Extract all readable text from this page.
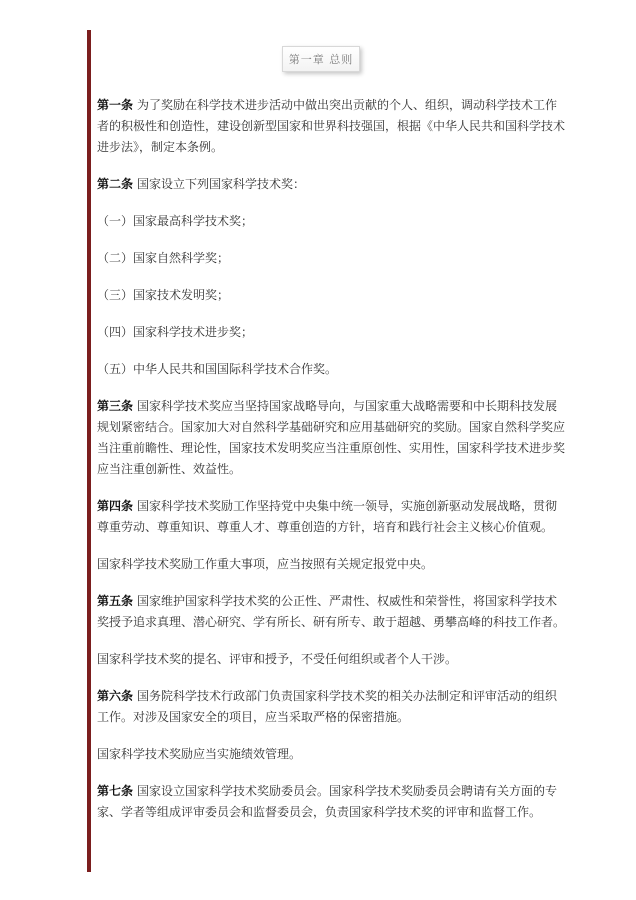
第一章 总则

第一条 为了奖励在科学技术进步活动中做出突出贡献的个人、组织，调动科学技术工作者的积极性和创造性，建设创新型国家和世界科技强国，根据《中华人民共和国科学技术进步法》，制定本条例。

第二条 国家设立下列国家科学技术奖：

（一）国家最高科学技术奖；

（二）国家自然科学奖；

（三）国家技术发明奖；

（四）国家科学技术进步奖；

（五）中华人民共和国国际科学技术合作奖。

第三条 国家科学技术奖应当坚持国家战略导向，与国家重大战略需要和中长期科技发展规划紧密结合。国家加大对自然科学基础研究和应用基础研究的奖励。国家自然科学奖应当注重前瞻性、理论性，国家技术发明奖应当注重原创性、实用性，国家科学技术进步奖应当注重创新性、效益性。

第四条 国家科学技术奖励工作坚持党中央集中统一领导，实施创新驱动发展战略，贯彻尊重劳动、尊重知识、尊重人才、尊重创造的方针，培育和践行社会主义核心价值观。

国家科学技术奖励工作重大事项，应当按照有关规定报党中央。

第五条 国家维护国家科学技术奖的公正性、严肃性、权威性和荣誉性，将国家科学技术奖授予追求真理、潜心研究、学有所长、研有所专、敢于超越、勇攀高峰的科技工作者。

国家科学技术奖的提名、评审和授予，不受任何组织或者个人干涉。

第六条 国务院科学技术行政部门负责国家科学技术奖的相关办法制定和评审活动的组织工作。对涉及国家安全的项目，应当采取严格的保密措施。

国家科学技术奖励应当实施绩效管理。

第七条 国家设立国家科学技术奖励委员会。国家科学技术奖励委员会聘请有关方面的专家、学者等组成评审委员会和监督委员会，负责国家科学技术奖的评审和监督工作。
